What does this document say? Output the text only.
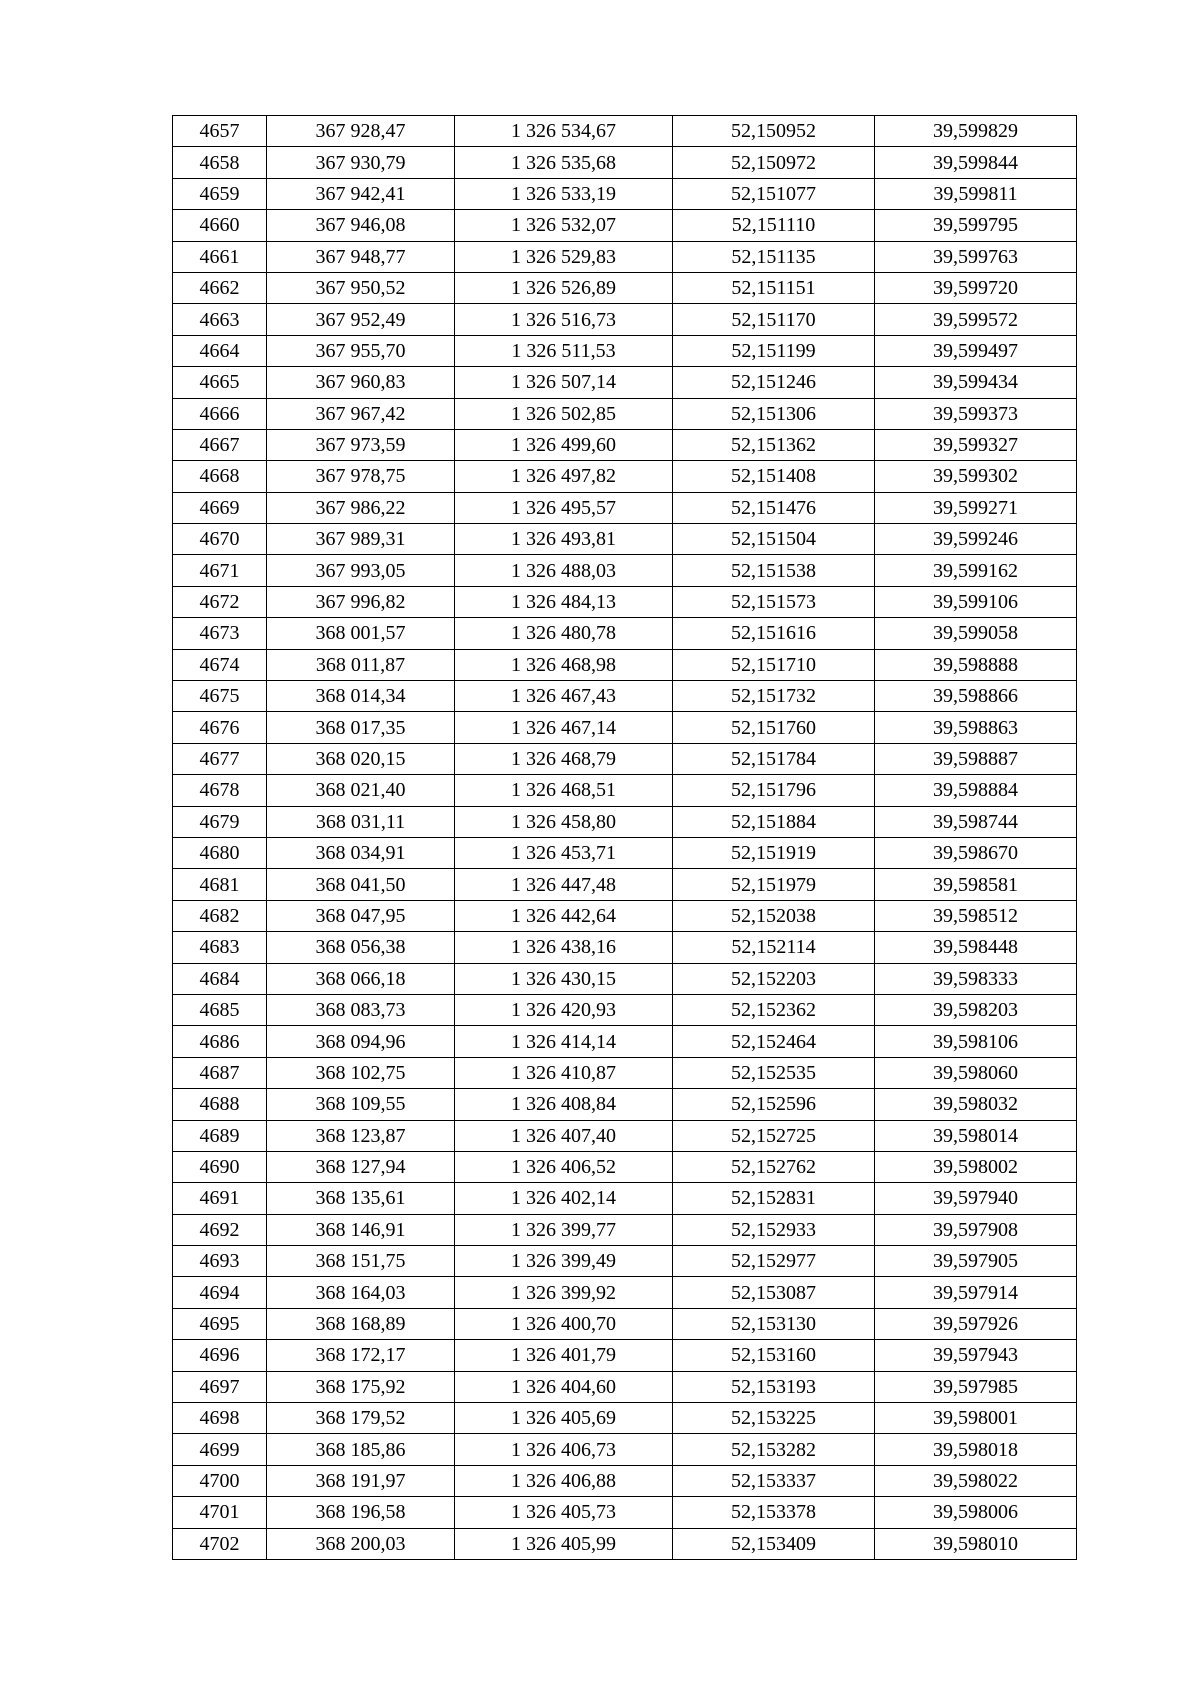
4657	367 928,47	1 326 534,67	52,150952	39,599829
4658	367 930,79	1 326 535,68	52,150972	39,599844
4659	367 942,41	1 326 533,19	52,151077	39,599811
4660	367 946,08	1 326 532,07	52,151110	39,599795
4661	367 948,77	1 326 529,83	52,151135	39,599763
4662	367 950,52	1 326 526,89	52,151151	39,599720
4663	367 952,49	1 326 516,73	52,151170	39,599572
4664	367 955,70	1 326 511,53	52,151199	39,599497
4665	367 960,83	1 326 507,14	52,151246	39,599434
4666	367 967,42	1 326 502,85	52,151306	39,599373
4667	367 973,59	1 326 499,60	52,151362	39,599327
4668	367 978,75	1 326 497,82	52,151408	39,599302
4669	367 986,22	1 326 495,57	52,151476	39,599271
4670	367 989,31	1 326 493,81	52,151504	39,599246
4671	367 993,05	1 326 488,03	52,151538	39,599162
4672	367 996,82	1 326 484,13	52,151573	39,599106
4673	368 001,57	1 326 480,78	52,151616	39,599058
4674	368 011,87	1 326 468,98	52,151710	39,598888
4675	368 014,34	1 326 467,43	52,151732	39,598866
4676	368 017,35	1 326 467,14	52,151760	39,598863
4677	368 020,15	1 326 468,79	52,151784	39,598887
4678	368 021,40	1 326 468,51	52,151796	39,598884
4679	368 031,11	1 326 458,80	52,151884	39,598744
4680	368 034,91	1 326 453,71	52,151919	39,598670
4681	368 041,50	1 326 447,48	52,151979	39,598581
4682	368 047,95	1 326 442,64	52,152038	39,598512
4683	368 056,38	1 326 438,16	52,152114	39,598448
4684	368 066,18	1 326 430,15	52,152203	39,598333
4685	368 083,73	1 326 420,93	52,152362	39,598203
4686	368 094,96	1 326 414,14	52,152464	39,598106
4687	368 102,75	1 326 410,87	52,152535	39,598060
4688	368 109,55	1 326 408,84	52,152596	39,598032
4689	368 123,87	1 326 407,40	52,152725	39,598014
4690	368 127,94	1 326 406,52	52,152762	39,598002
4691	368 135,61	1 326 402,14	52,152831	39,597940
4692	368 146,91	1 326 399,77	52,152933	39,597908
4693	368 151,75	1 326 399,49	52,152977	39,597905
4694	368 164,03	1 326 399,92	52,153087	39,597914
4695	368 168,89	1 326 400,70	52,153130	39,597926
4696	368 172,17	1 326 401,79	52,153160	39,597943
4697	368 175,92	1 326 404,60	52,153193	39,597985
4698	368 179,52	1 326 405,69	52,153225	39,598001
4699	368 185,86	1 326 406,73	52,153282	39,598018
4700	368 191,97	1 326 406,88	52,153337	39,598022
4701	368 196,58	1 326 405,73	52,153378	39,598006
4702	368 200,03	1 326 405,99	52,153409	39,598010
